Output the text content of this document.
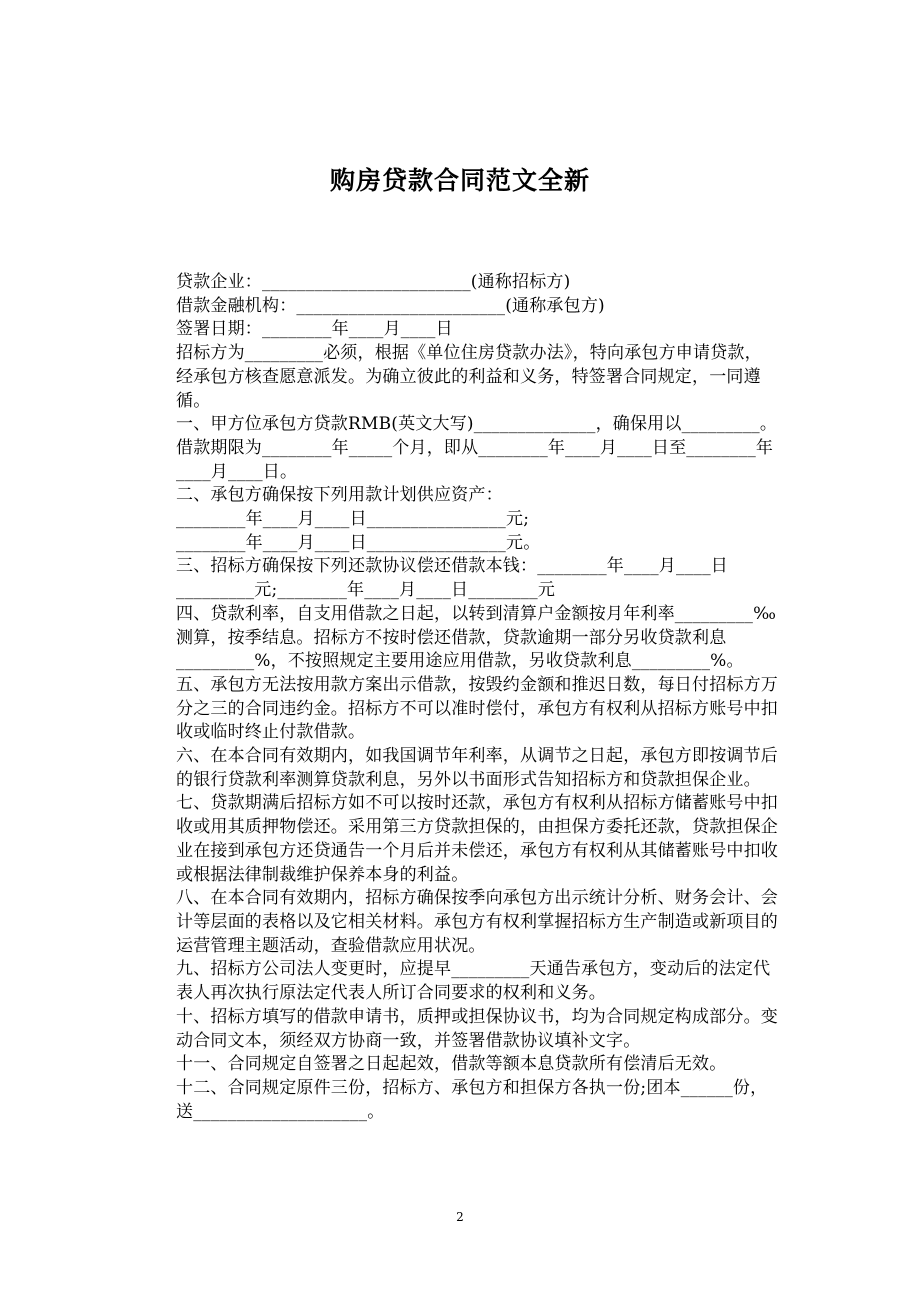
购房贷款合同范文全新

贷款企业：________________________(通称招标方)

借款金融机构：________________________(通称承包方)

签署日期：________年____月____日

招标方为_________必须，根据《单位住房贷款办法》，特向承包方申请贷款，经承包方核查愿意派发。为确立彼此的利益和义务，特签署合同规定，一同遵循。

一、甲方位承包方贷款RMB(英文大写)______________，确保用以_________。借款期限为________年_____个月，即从________年____月____日至________年____月____日。

二、承包方确保按下列用款计划供应资产：

________年____月____日________________元;

________年____月____日________________元。

三、招标方确保按下列还款协议偿还借款本钱：________年____月____日_________元;________年____月____日________元

四、贷款利率，自支用借款之日起，以转到清算户金额按月年利率_________‰测算，按季结息。招标方不按时偿还借款，贷款逾期一部分另收贷款利息_________%，不按照规定主要用途应用借款，另收贷款利息_________%。

五、承包方无法按用款方案出示借款，按毁约金额和推迟日数，每日付招标方万分之三的合同违约金。招标方不可以准时偿付，承包方有权利从招标方账号中扣收或临时终止付款借款。

六、在本合同有效期内，如我国调节年利率，从调节之日起，承包方即按调节后的银行贷款利率测算贷款利息，另外以书面形式告知招标方和贷款担保企业。

七、贷款期满后招标方如不可以按时还款，承包方有权利从招标方储蓄账号中扣收或用其质押物偿还。采用第三方贷款担保的，由担保方委托还款，贷款担保企业在接到承包方还贷通告一个月后并未偿还，承包方有权利从其储蓄账号中扣收或根据法律制裁维护保养本身的利益。

八、在本合同有效期内，招标方确保按季向承包方出示统计分析、财务会计、会计等层面的表格以及它相关材料。承包方有权利掌握招标方生产制造或新项目的运营管理主题活动，查验借款应用状况。

九、招标方公司法人变更时，应提早_________天通告承包方，变动后的法定代表人再次执行原法定代表人所订合同要求的权利和义务。

十、招标方填写的借款申请书，质押或担保协议书，均为合同规定构成部分。变动合同文本，须经双方协商一致，并签署借款协议填补文字。

十一、合同规定自签署之日起起效，借款等额本息贷款所有偿清后无效。

十二、合同规定原件三份，招标方、承包方和担保方各执一份;团本______份，送____________________。

2
